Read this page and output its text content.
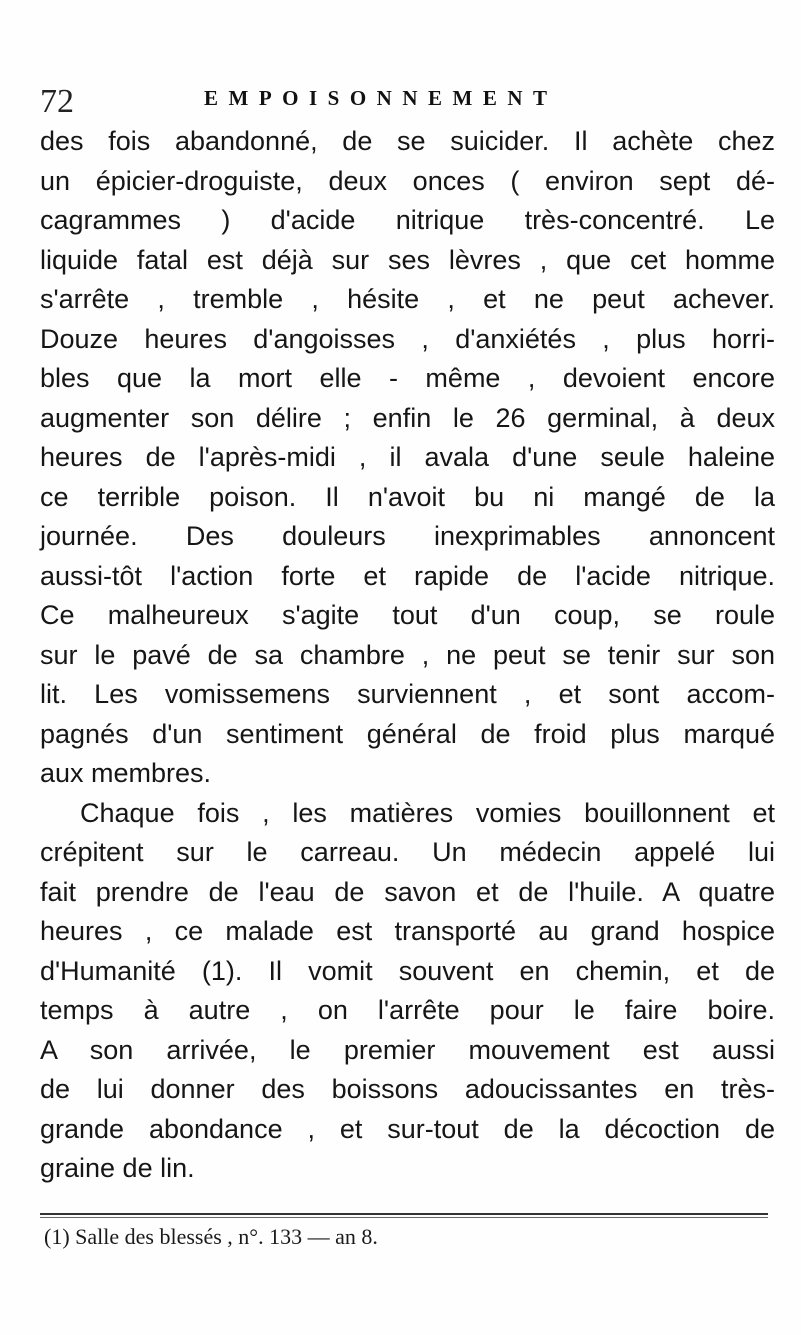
72	EMPOISONNEMENT
des fois abandonné, de se suicider. Il achète chez
un épicier-droguiste, deux onces ( environ sept dé-
cagrammes ) d'acide nitrique très-concentré. Le
liquide fatal est déjà sur ses lèvres , que cet homme
s'arrête , tremble , hésite , et ne peut achever.
Douze heures d'angoisses , d'anxiétés , plus horri-
bles que la mort elle - même , devoient encore
augmenter son délire ; enfin le 26 germinal, à deux
heures de l'après-midi , il avala d'une seule haleine
ce terrible poison. Il n'avoit bu ni mangé de la
journée. Des douleurs inexprimables annoncent
aussi-tôt l'action forte et rapide de l'acide nitrique.
Ce malheureux s'agite tout d'un coup, se roule
sur le pavé de sa chambre , ne peut se tenir sur son
lit. Les vomissemens surviennent , et sont accom-
pagnés d'un sentiment général de froid plus marqué
aux membres.
Chaque fois , les matières vomies bouillonnent et
crépitent sur le carreau. Un médecin appelé lui
fait prendre de l'eau de savon et de l'huile. A quatre
heures , ce malade est transporté au grand hospice
d'Humanité (1). Il vomit souvent en chemin, et de
temps à autre , on l'arrête pour le faire boire.
A son arrivée, le premier mouvement est aussi
de lui donner des boissons adoucissantes en très-
grande abondance , et sur-tout de la décoction de
graine de lin.
(1) Salle des blessés , n°. 133 — an 8.
